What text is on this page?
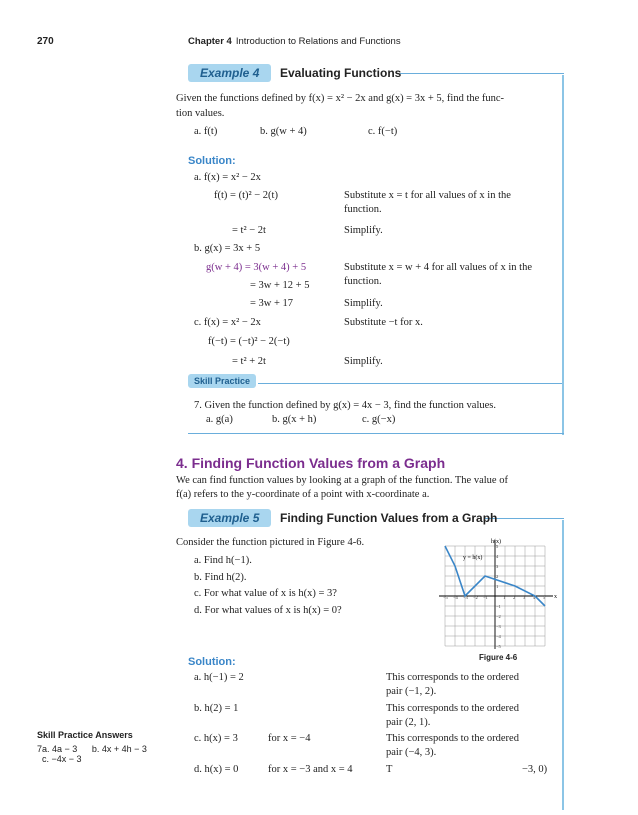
270	Chapter 4 Introduction to Relations and Functions
Example 4 Evaluating Functions
Given the functions defined by f(x) = x² − 2x and g(x) = 3x + 5, find the func-
tion values.
a. f(t)	b. g(w + 4)	c. f(−t)
Solution:
a. f(x) = x² − 2x
f(t) = (t)² − 2(t)	Substitute x = t for all values of x in the
function.
= t² − 2t	Simplify.
b. g(x) = 3x + 5
g(w + 4) = 3(w + 4) + 5	Substitute x = w + 4 for all values of x in the
function.
= 3w + 12 + 5
= 3w + 17	Simplify.
c. f(x) = x² − 2x	Substitute −t for x.
f(−t) = (−t)² − 2(−t)
= t² + 2t	Simplify.
Skill Practice
7. Given the function defined by g(x) = 4x − 3, find the function values.
a. g(a)	b. g(x + h)	c. g(−x)
4. Finding Function Values from a Graph
We can find function values by looking at a graph of the function. The value of
f(a) refers to the y-coordinate of a point with x-coordinate a.
Example 5 Finding Function Values from a Graph
Consider the function pictured in Figure 4-6.
a. Find h(−1).
b. Find h(2).
c. For what value of x is h(x) = 3?
d. For what values of x is h(x) = 0?
−5 −4 −3 −2 −1	1 2 3 4 5
5
4
3
2
1
−1
−2
−3
−4
−5
h(x)
x
y = h(x)
Figure 4-6
Solution:
a. h(−1) = 2	This corresponds to the ordered
pair (−1, 2).
b. h(2) = 1	This corresponds to the ordered
pair (2, 1).
c. h(x) = 3	for x = −4	This corresponds to the ordered
pair (−4, 3).
d. h(x) = 0	for x = −3 and x = 4	T	−3, 0)
Skill Practice Answers
7a. 4a − 3 b. 4x + 4h − 3
c. −4x − 3
